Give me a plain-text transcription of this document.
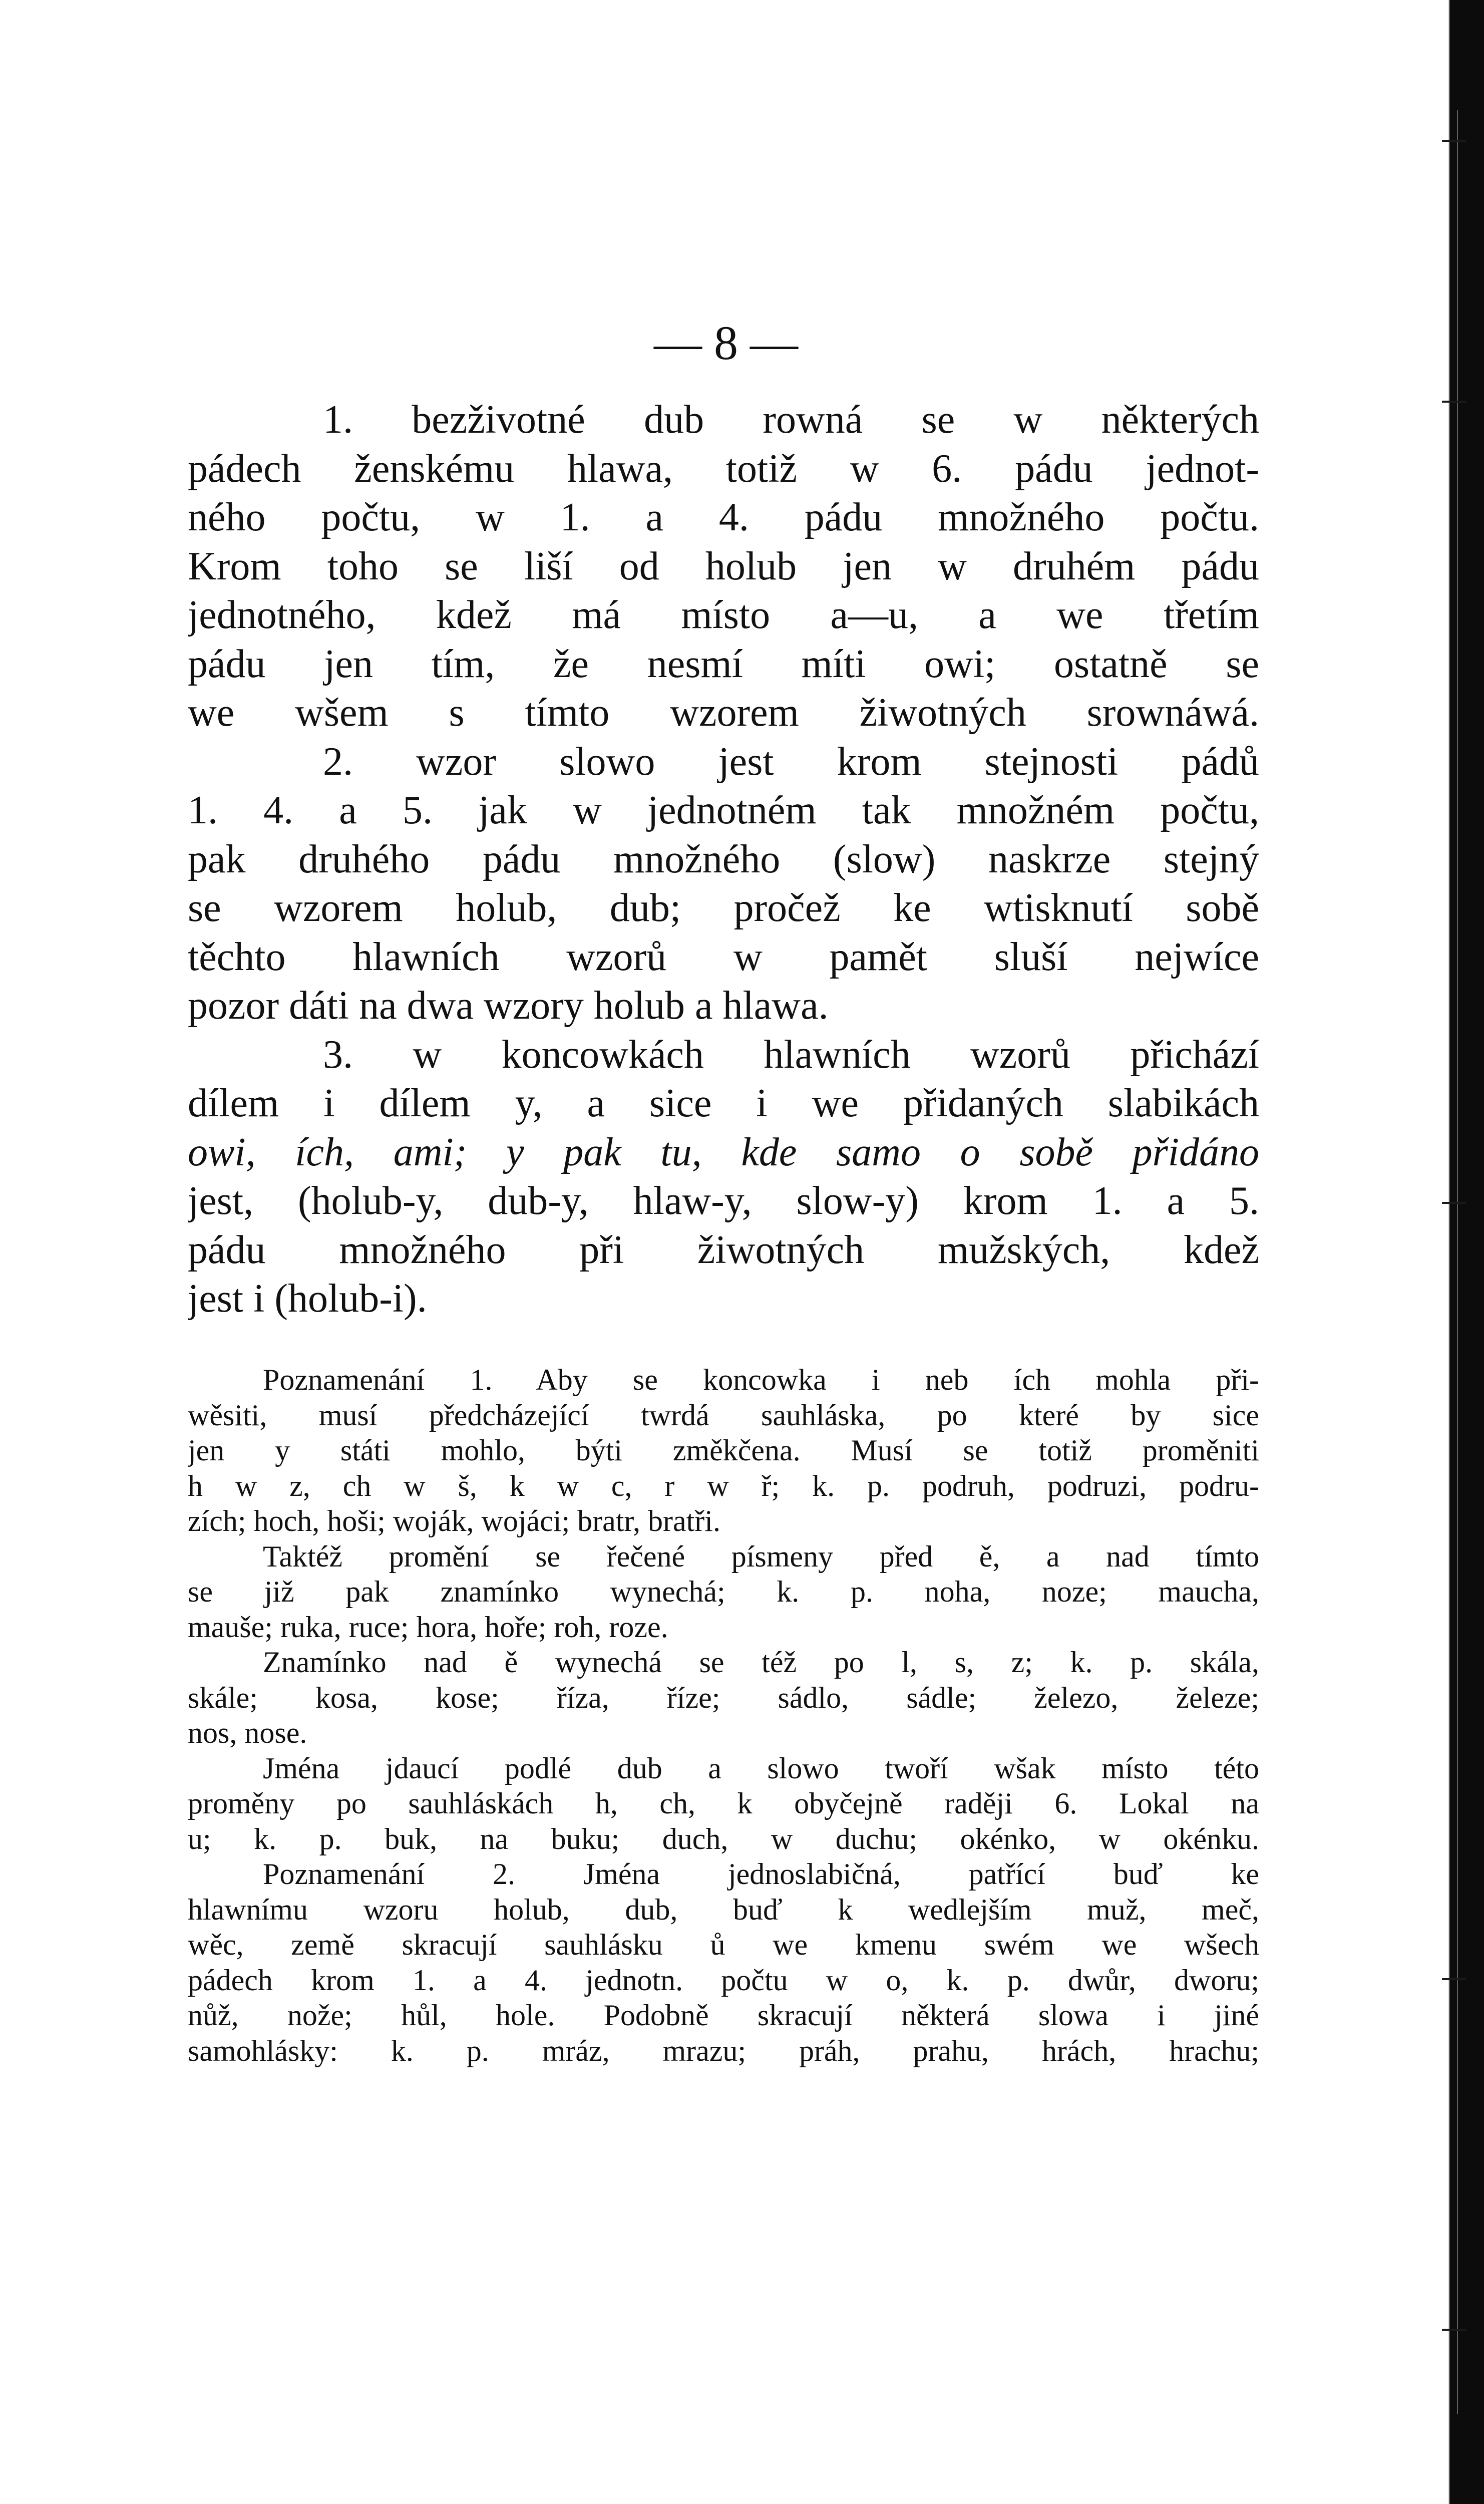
— 8 —
1. bezživotné dub rowná se w některých
pádech ženskému hlawa, totiž w 6. pádu jednot-
ného počtu, w 1. a 4. pádu množného počtu.
Krom toho se liší od holub jen w druhém pádu
jednotného, kdež má místo a—u, a we třetím
pádu jen tím, že nesmí míti owi; ostatně se
we wšem s tímto wzorem žiwotných srownáwá.
2. wzor slowo jest krom stejnosti pádů
1. 4. a 5. jak w jednotném tak množném počtu,
pak druhého pádu množného (slow) naskrze stejný
se wzorem holub, dub; pročež ke wtisknutí sobě
těchto hlawních wzorů w pamět sluší nejwíce
pozor dáti na dwa wzory holub a hlawa.
3. w koncowkách hlawních wzorů přichází
dílem i dílem y, a sice i we přidaných slabikách
owi, ích, ami; y pak tu, kde samo o sobě přidáno
jest, (holub-y, dub-y, hlaw-y, slow-y) krom 1. a 5.
pádu množného při žiwotných mužských, kdež
jest i (holub-i).
Poznamenání 1. Aby se koncowka i neb ích mohla při-
wěsiti, musí předcházející twrdá sauhláska, po které by sice
jen y státi mohlo, býti změkčena. Musí se totiž proměniti
h w z, ch w š, k w c, r w ř; k. p. podruh, podruzi, podru-
zích; hoch, hoši; woják, wojáci; bratr, bratři.
Taktéž promění se řečené písmeny před ě, a nad tímto
se již pak znamínko wynechá; k. p. noha, noze; maucha,
mauše; ruka, ruce; hora, hoře; roh, roze.
Znamínko nad ě wynechá se též po l, s, z; k. p. skála,
skále; kosa, kose; říza, říze; sádlo, sádle; železo, železe;
nos, nose.
Jména jdaucí podlé dub a slowo twoří wšak místo této
proměny po sauhláskách h, ch, k obyčejně raději 6. Lokal na
u; k. p. buk, na buku; duch, w duchu; okénko, w okénku.
Poznamenání 2. Jména jednoslabičná, patřící buď ke
hlawnímu wzoru holub, dub, buď k wedlejším muž, meč,
wěc, země skracují sauhlásku ů we kmenu swém we wšech
pádech krom 1. a 4. jednotn. počtu w o, k. p. dwůr, dworu;
nůž, nože; hůl, hole. Podobně skracují některá slowa i jiné
samohlásky: k. p. mráz, mrazu; práh, prahu, hrách, hrachu;
